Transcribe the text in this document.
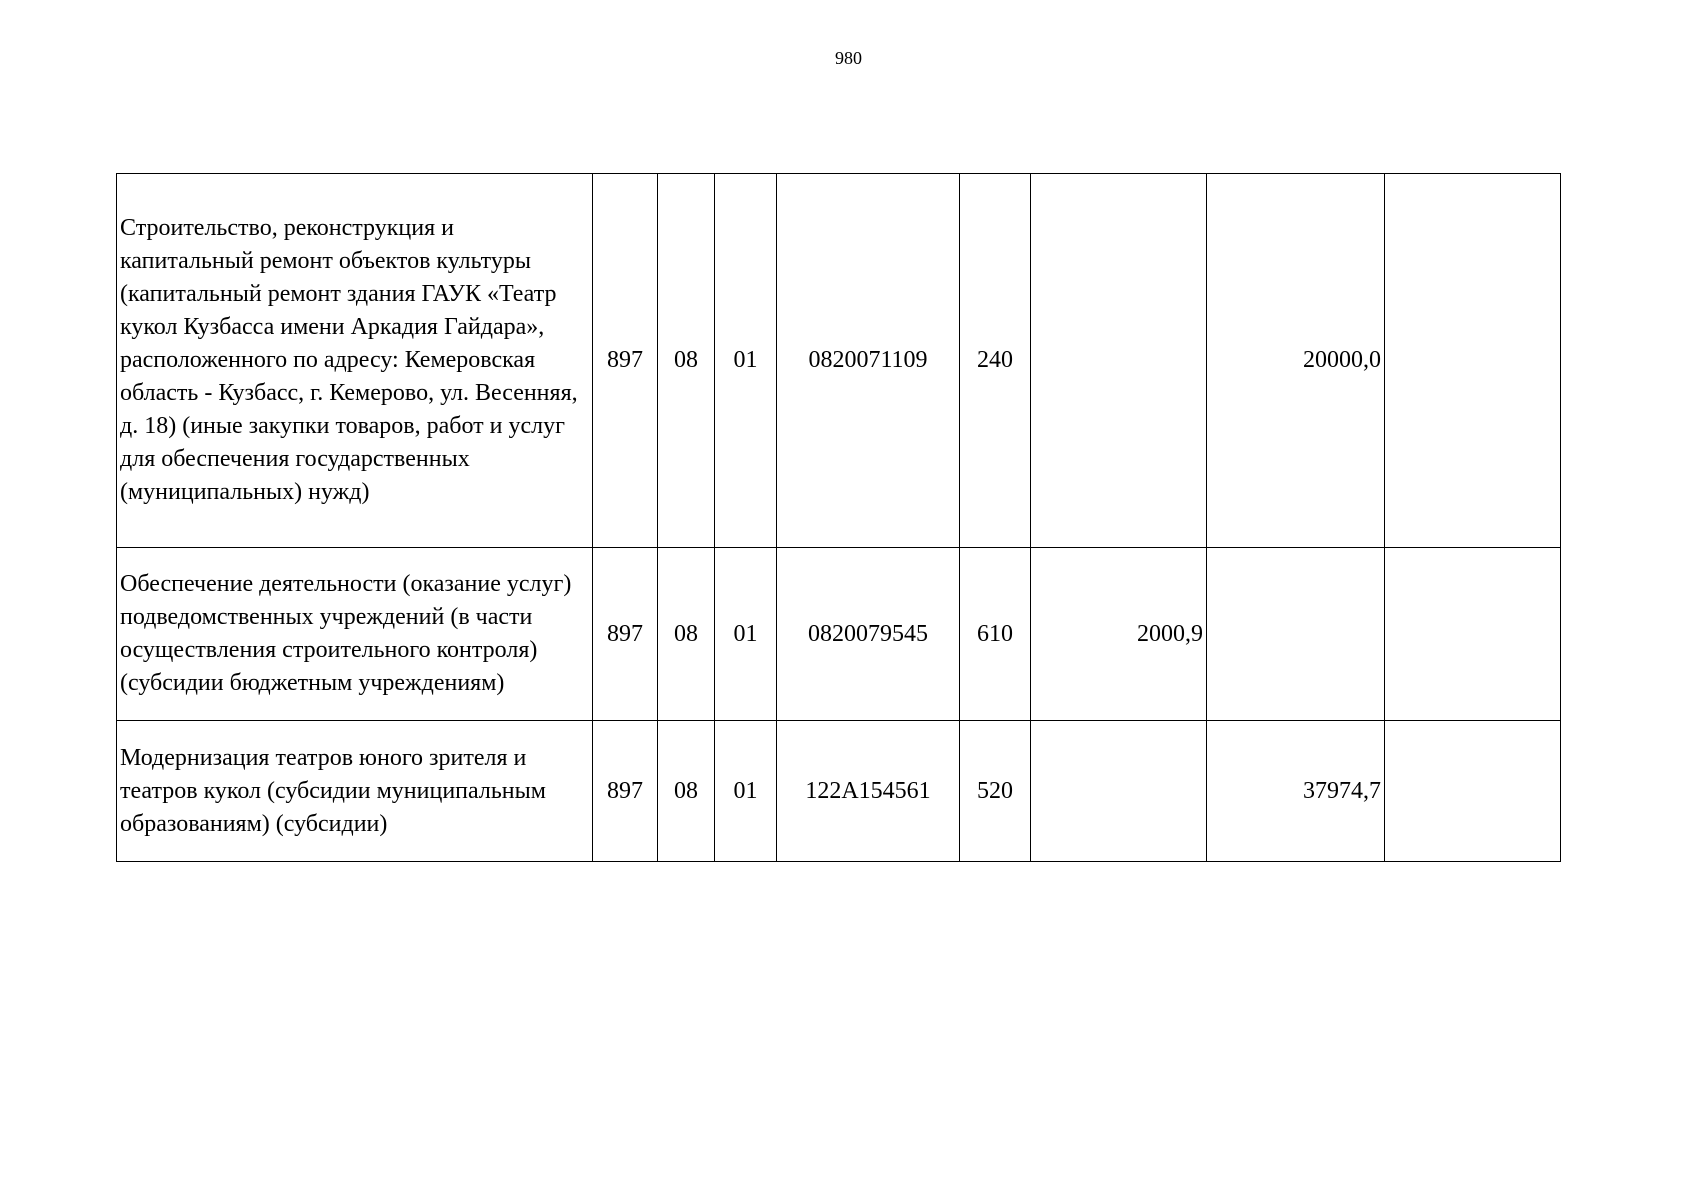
980
Строительство, реконструкция и капитальный ремонт объектов культуры (капитальный ремонт здания ГАУК «Театр кукол Кузбасса имени Аркадия Гайдара», расположенного по адресу: Кемеровская область - Кузбасс, г. Кемерово, ул. Весенняя, д. 18) (иные закупки товаров, работ и услуг для обеспечения государственных (муниципальных) нужд)	897	08	01	0820071109	240		20000,0	
Обеспечение деятельности (оказание услуг) подведомственных учреждений (в части осуществления строительного контроля) (субсидии бюджетным учреждениям)	897	08	01	0820079545	610	2000,9		
Модернизация театров юного зрителя и театров кукол (субсидии муниципальным образованиям) (субсидии)	897	08	01	122A154561	520		37974,7	
